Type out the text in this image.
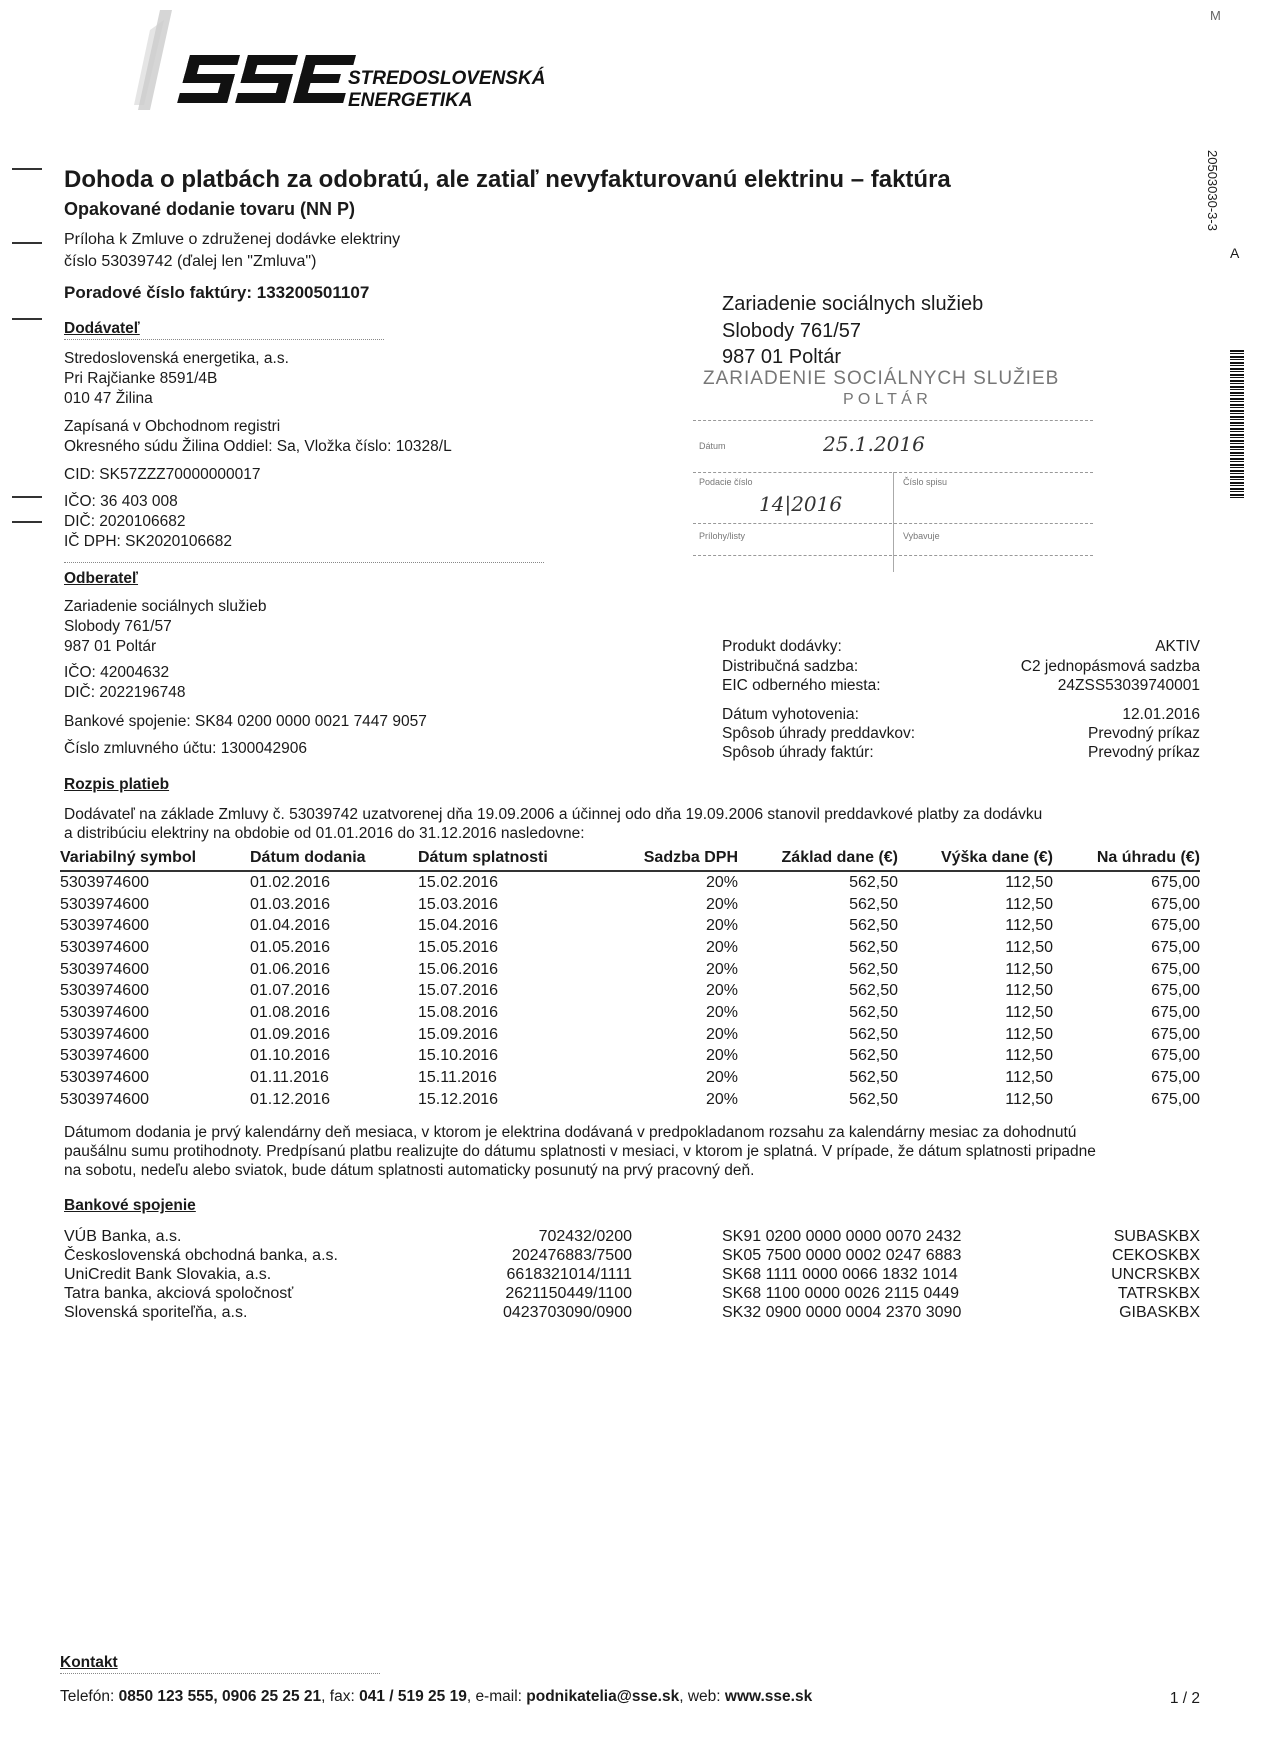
M
20503030-3-3
A
STREDOSLOVENSKÁ
ENERGETIKA
Dohoda o platbách za odobratú, ale zatiaľ nevyfakturovanú elektrinu – faktúra
Opakované dodanie tovaru (NN P)
Príloha k Zmluve o združenej dodávke elektriny
číslo 53039742 (ďalej len "Zmluva")
Poradové číslo faktúry: 133200501107
Dodávateľ
Stredoslovenská energetika, a.s.
Pri Rajčianke 8591/4B
010 47 Žilina
Zapísaná v Obchodnom registri
Okresného súdu Žilina Oddiel: Sa, Vložka číslo: 10328/L
CID: SK57ZZZ70000000017
IČO: 36 403 008
DIČ: 2020106682
IČ DPH: SK2020106682
Zariadenie sociálnych služieb
Slobody 761/57
987 01 Poltár
ZARIADENIE SOCIÁLNYCH SLUŽIEB
P O L T Á R
Dátum	25.1.2016
Podacie číslo
14|2016
Číslo spisu
Prílohy/listy	Vybavuje
Odberateľ
Zariadenie sociálnych služieb
Slobody 761/57
987 01 Poltár
IČO: 42004632
DIČ: 2022196748
Bankové spojenie: SK84 0200 0000 0021 7447 9057
Číslo zmluvného účtu: 1300042906
Produkt dodávky:	AKTIV
Distribučná sadzba:	C2 jednopásmová sadzba
EIC odberného miesta:	24ZSS53039740001
Dátum vyhotovenia:	12.01.2016
Spôsob úhrady preddavkov:	Prevodný príkaz
Spôsob úhrady faktúr:	Prevodný príkaz
Rozpis platieb
Dodávateľ na základe Zmluvy č. 53039742 uzatvorenej dňa 19.09.2006 a účinnej odo dňa 19.09.2006 stanovil preddavkové platby za dodávku
a distribúciu elektriny na obdobie od 01.01.2016 do 31.12.2016 nasledovne:
Variabilný symbol	Dátum dodania	Dátum splatnosti	Sadzba DPH	Základ dane (€)	Výška dane (€)	Na úhradu (€)
5303974600	01.02.2016	15.02.2016	20%	562,50	112,50	675,00
5303974600	01.03.2016	15.03.2016	20%	562,50	112,50	675,00
5303974600	01.04.2016	15.04.2016	20%	562,50	112,50	675,00
5303974600	01.05.2016	15.05.2016	20%	562,50	112,50	675,00
5303974600	01.06.2016	15.06.2016	20%	562,50	112,50	675,00
5303974600	01.07.2016	15.07.2016	20%	562,50	112,50	675,00
5303974600	01.08.2016	15.08.2016	20%	562,50	112,50	675,00
5303974600	01.09.2016	15.09.2016	20%	562,50	112,50	675,00
5303974600	01.10.2016	15.10.2016	20%	562,50	112,50	675,00
5303974600	01.11.2016	15.11.2016	20%	562,50	112,50	675,00
5303974600	01.12.2016	15.12.2016	20%	562,50	112,50	675,00
Dátumom dodania je prvý kalendárny deň mesiaca, v ktorom je elektrina dodávaná v predpokladanom rozsahu za kalendárny mesiac za dohodnutú
paušálnu sumu protihodnoty. Predpísanú platbu realizujte do dátumu splatnosti v mesiaci, v ktorom je splatná. V prípade, že dátum splatnosti pripadne
na sobotu, nedeľu alebo sviatok, bude dátum splatnosti automaticky posunutý na prvý pracovný deň.
Bankové spojenie
VÚB Banka, a.s.	702432/0200	SK91 0200 0000 0000 0070 2432	SUBASKBX
Československá obchodná banka, a.s.	202476883/7500	SK05 7500 0000 0002 0247 6883	CEKOSKBX
UniCredit Bank Slovakia, a.s.	6618321014/1111	SK68 1111 0000 0066 1832 1014	UNCRSKBX
Tatra banka, akciová spoločnosť	2621150449/1100	SK68 1100 0000 0026 2115 0449	TATRSKBX
Slovenská sporiteľňa, a.s.	0423703090/0900	SK32 0900 0000 0004 2370 3090	GIBASKBX
Kontakt
Telefón: 0850 123 555, 0906 25 25 21, fax: 041 / 519 25 19, e-mail: podnikatelia@sse.sk, web: www.sse.sk	1 / 2
